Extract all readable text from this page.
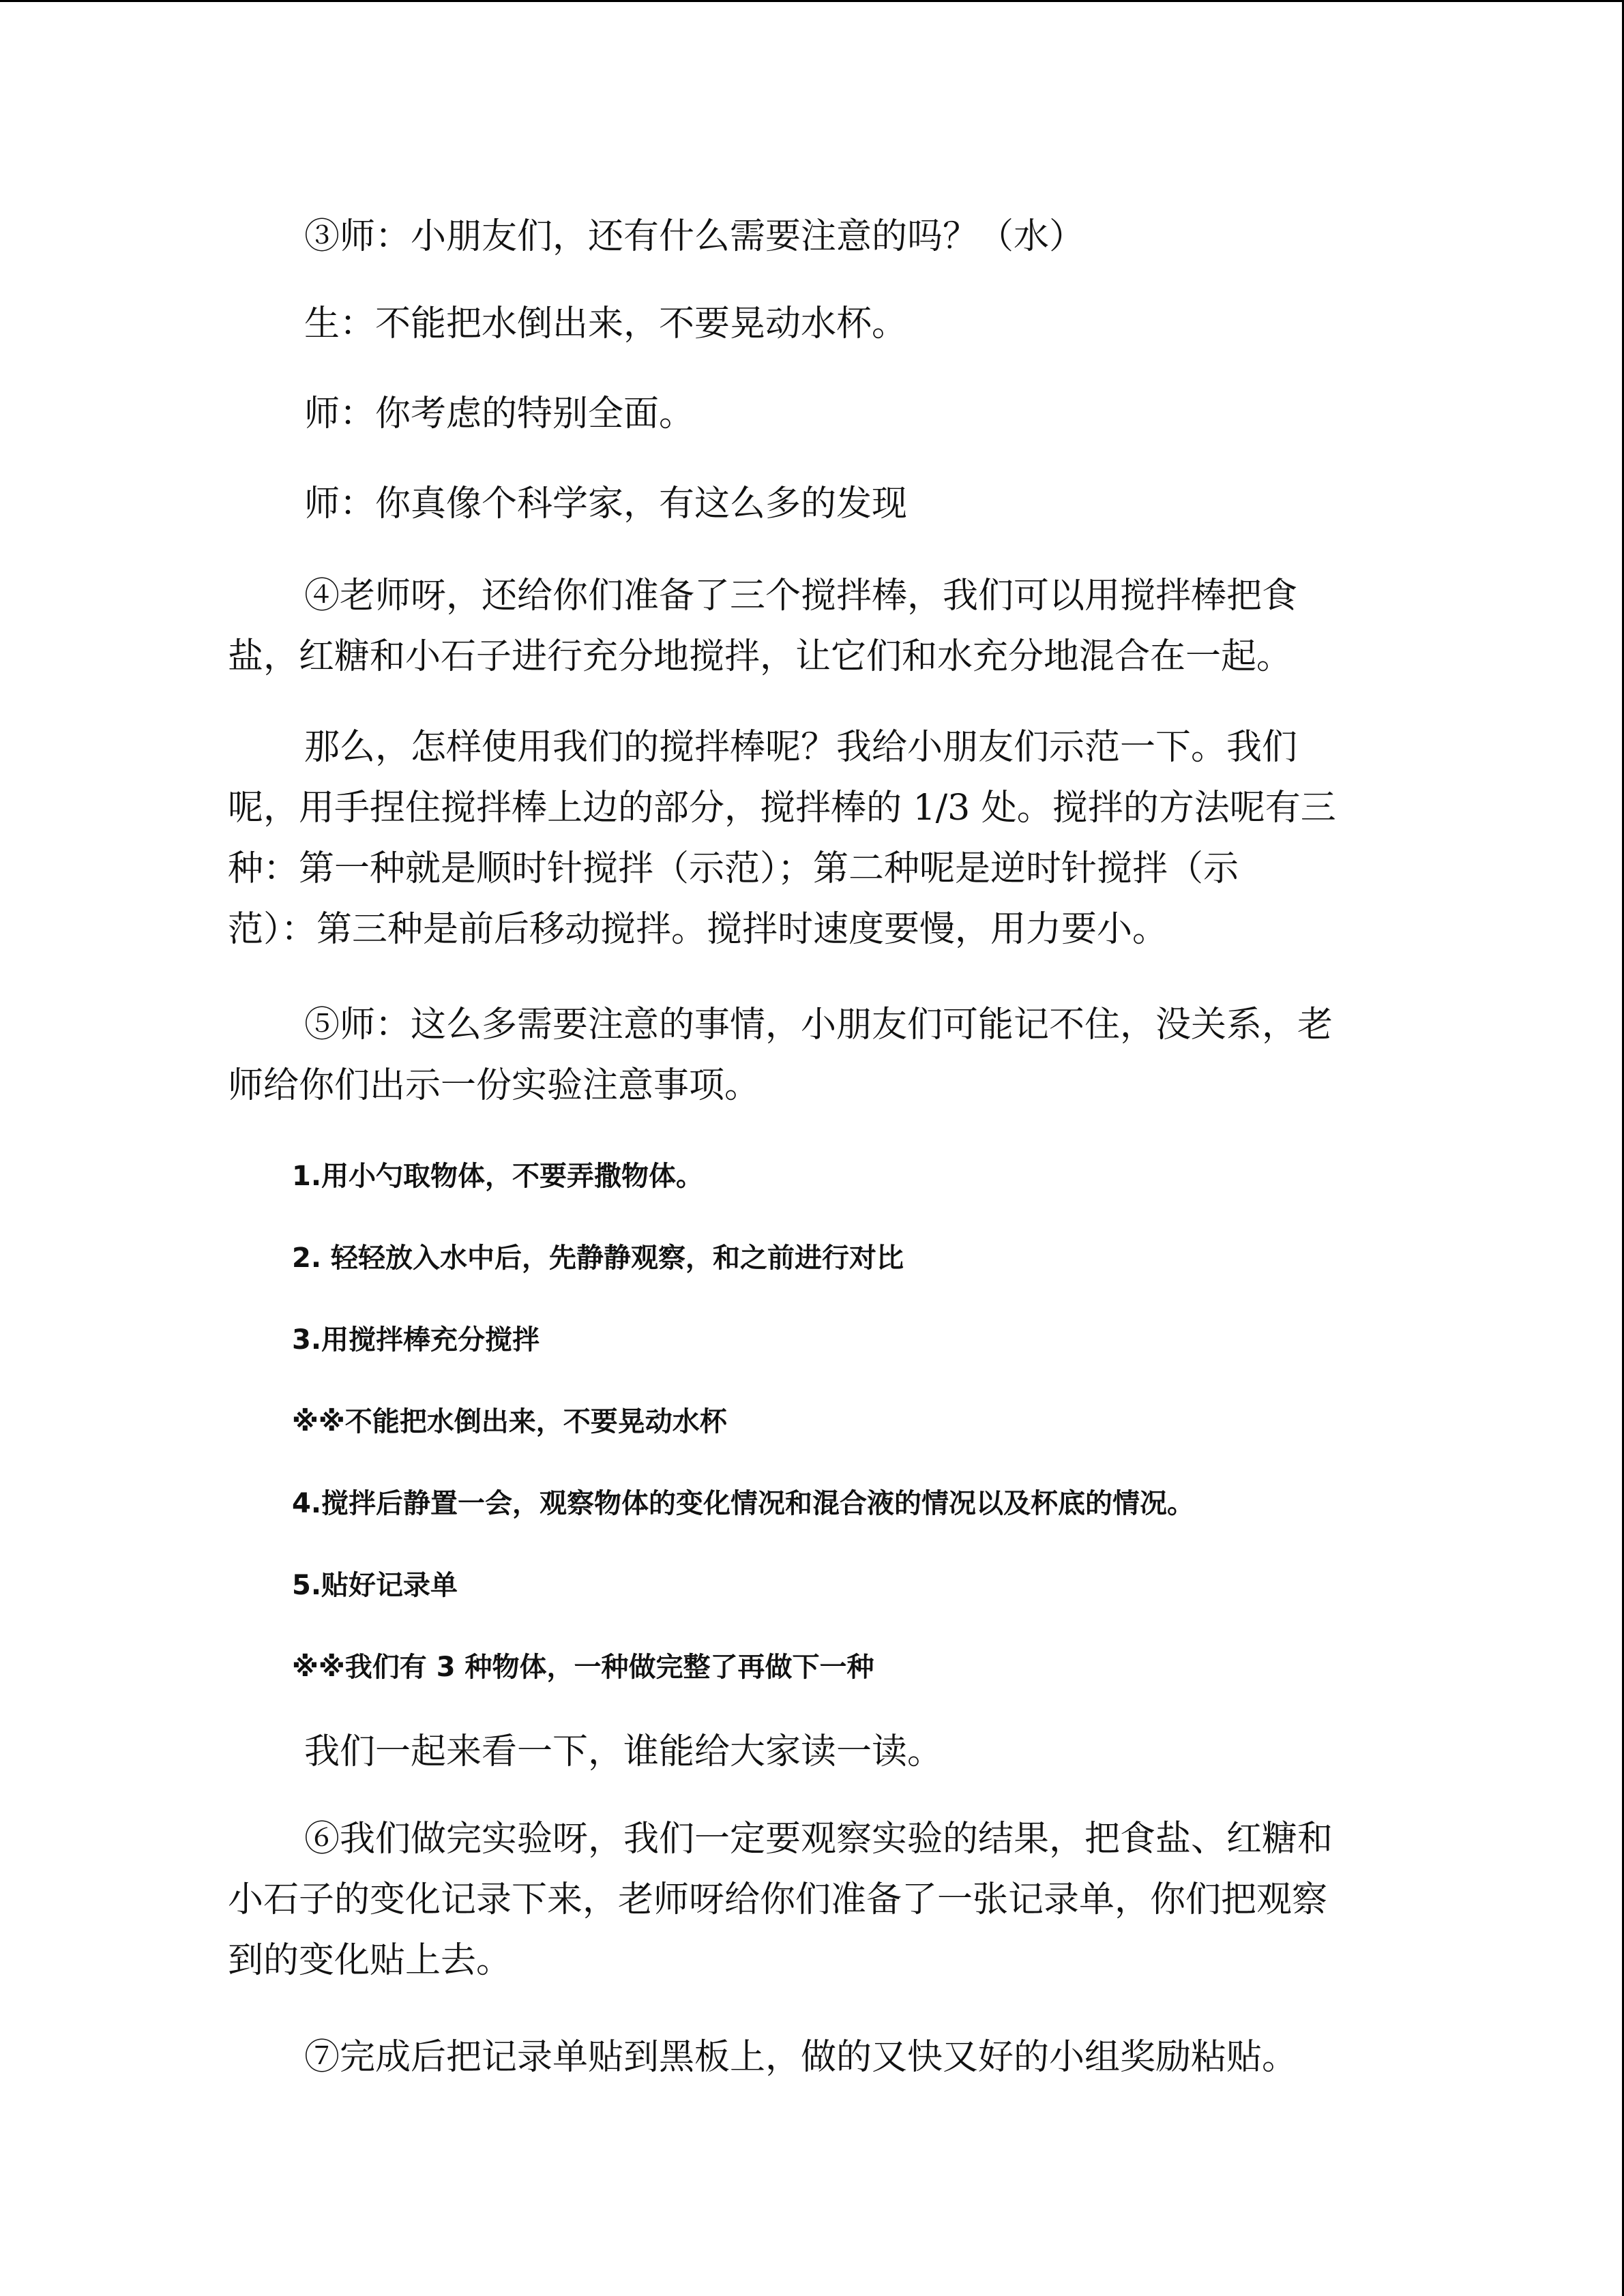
③师：小朋友们，还有什么需要注意的吗？（水）

生：不能把水倒出来，不要晃动水杯。

师：你考虑的特别全面。

师：你真像个科学家，有这么多的发现

④老师呀，还给你们准备了三个搅拌棒，我们可以用搅拌棒把食
盐，红糖和小石子进行充分地搅拌，让它们和水充分地混合在一起。

那么，怎样使用我们的搅拌棒呢？我给小朋友们示范一下。我们
呢，用手捏住搅拌棒上边的部分，搅拌棒的 1/3 处。搅拌的方法呢有三
种：第一种就是顺时针搅拌（示范）；第二种呢是逆时针搅拌（示
范）：第三种是前后移动搅拌。搅拌时速度要慢，用力要小。

⑤师：这么多需要注意的事情，小朋友们可能记不住，没关系，老
师给你们出示一份实验注意事项。

1.用小勺取物体，不要弄撒物体。

2. 轻轻放入水中后，先静静观察，和之前进行对比

3.用搅拌棒充分搅拌

※※不能把水倒出来，不要晃动水杯

4.搅拌后静置一会，观察物体的变化情况和混合液的情况以及杯底的情况。

5.贴好记录单

※※我们有 3 种物体，一种做完整了再做下一种

我们一起来看一下，谁能给大家读一读。

⑥我们做完实验呀，我们一定要观察实验的结果，把食盐、红糖和
小石子的变化记录下来，老师呀给你们准备了一张记录单，你们把观察
到的变化贴上去。

⑦完成后把记录单贴到黑板上，做的又快又好的小组奖励粘贴。
